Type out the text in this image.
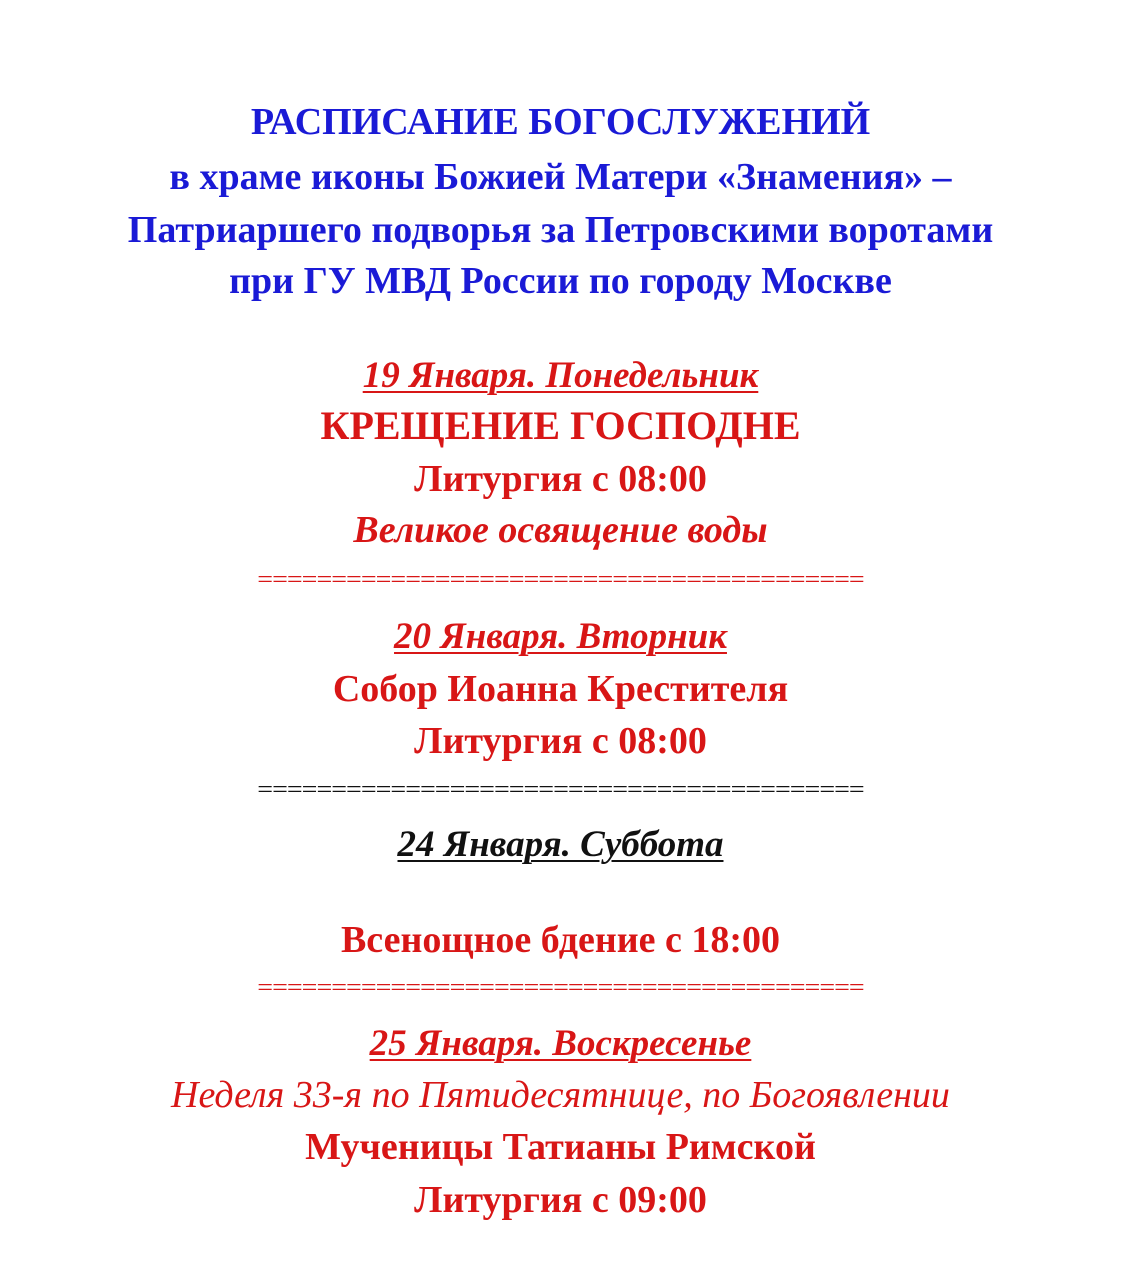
РАСПИСАНИЕ БОГОСЛУЖЕНИЙ
в храме иконы Божией Матери «Знамения» –
Патриаршего подворья за Петровскими воротами
при ГУ МВД России по городу Москве
19 Января. Понедельник
КРЕЩЕНИЕ ГОСПОДНЕ
Литургия с 08:00
Великое освящение воды
=========================================
20 Января. Вторник
Собор Иоанна Крестителя
Литургия с 08:00
=========================================
24 Января. Суббота
Всенощное бдение с 18:00
=========================================
25 Января. Воскресенье
Неделя 33-я по Пятидесятнице, по Богоявлении
Мученицы Татианы Римской
Литургия с 09:00
